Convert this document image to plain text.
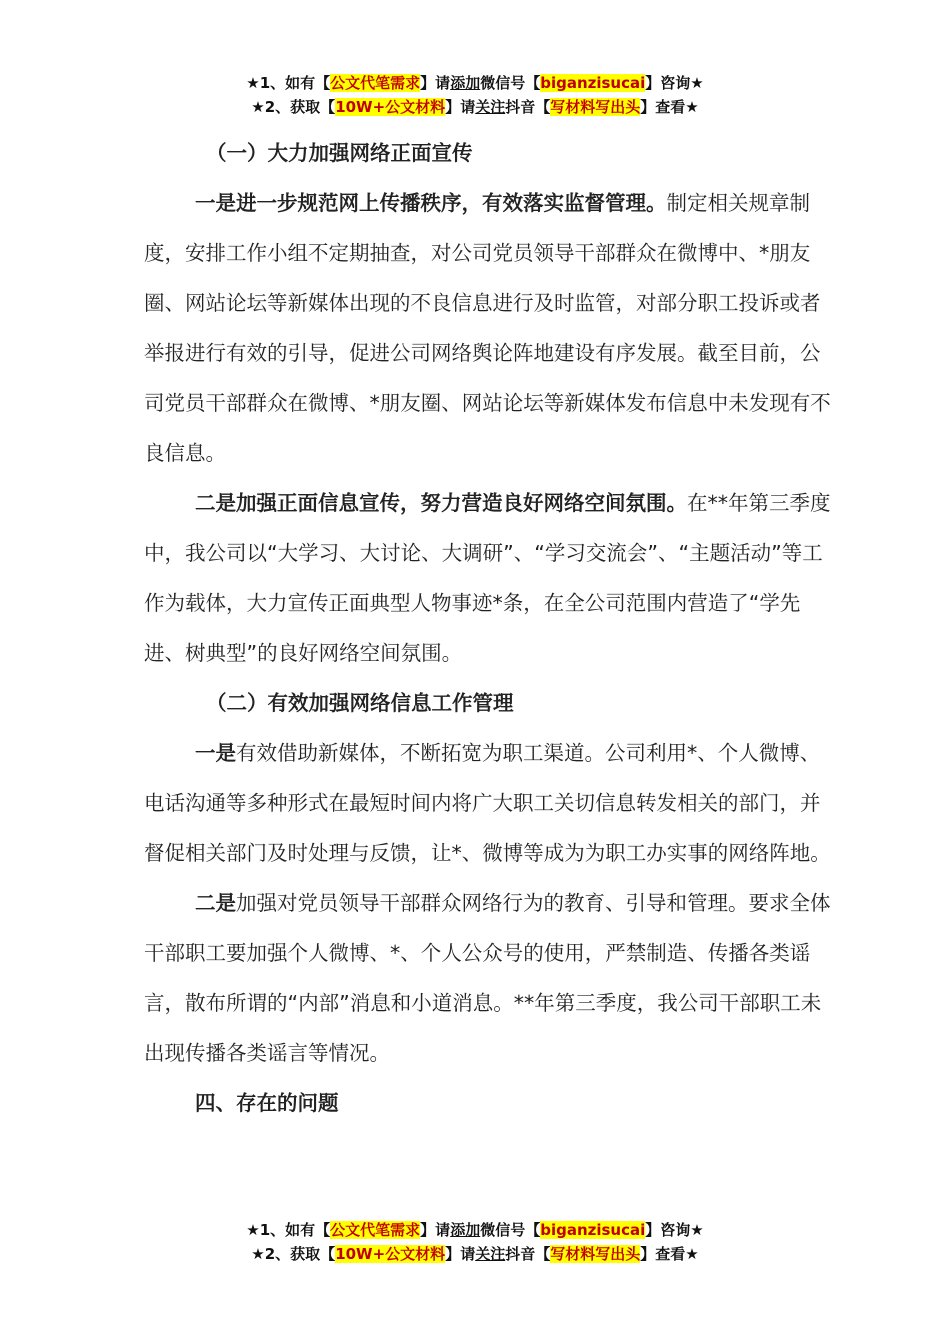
★1、如有【公文代笔需求】请添加微信号【biganzisucai】咨询★
★2、获取【10W+公文材料】请关注抖音【写材料写出头】查看★

（一）大力加强网络正面宣传

一是进一步规范网上传播秩序，有效落实监督管理。制定相关规章制度，安排工作小组不定期抽查，对公司党员领导干部群众在微博中、*朋友圈、网站论坛等新媒体出现的不良信息进行及时监管，对部分职工投诉或者举报进行有效的引导，促进公司网络舆论阵地建设有序发展。截至目前，公司党员干部群众在微博、*朋友圈、网站论坛等新媒体发布信息中未发现有不良信息。

二是加强正面信息宣传，努力营造良好网络空间氛围。在**年第三季度中，我公司以“大学习、大讨论、大调研”、“学习交流会”、“主题活动”等工作为载体，大力宣传正面典型人物事迹*条，在全公司范围内营造了“学先进、树典型”的良好网络空间氛围。

（二）有效加强网络信息工作管理

一是有效借助新媒体，不断拓宽为职工渠道。公司利用*、个人微博、电话沟通等多种形式在最短时间内将广大职工关切信息转发相关的部门，并督促相关部门及时处理与反馈，让*、微博等成为为职工办实事的网络阵地。

二是加强对党员领导干部群众网络行为的教育、引导和管理。要求全体干部职工要加强个人微博、*、个人公众号的使用，严禁制造、传播各类谣言，散布所谓的“内部”消息和小道消息。**年第三季度，我公司干部职工未出现传播各类谣言等情况。

四、存在的问题

★1、如有【公文代笔需求】请添加微信号【biganzisucai】咨询★
★2、获取【10W+公文材料】请关注抖音【写材料写出头】查看★
